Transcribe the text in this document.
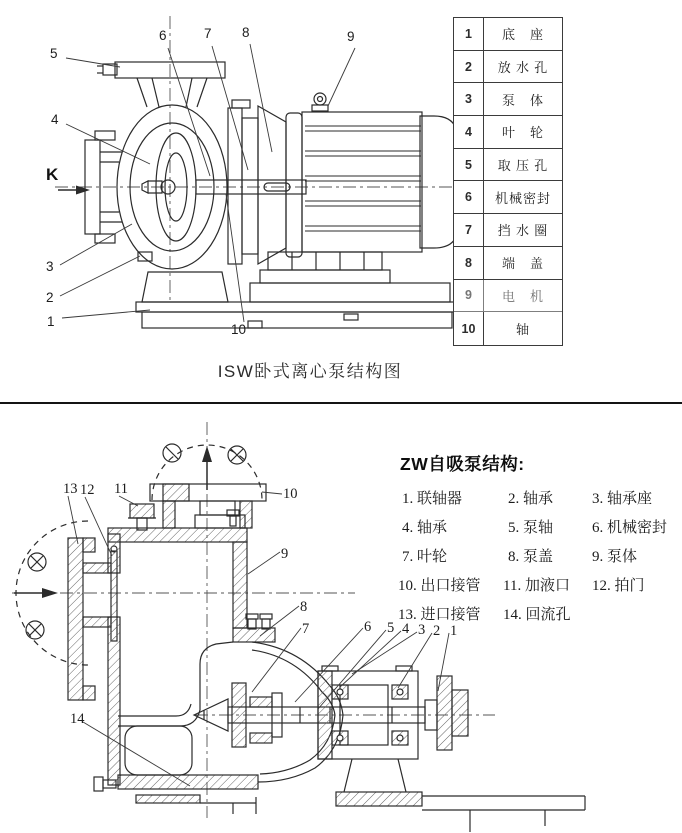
5
4
3
2
1
6	7 8	9
10
K
1	底　座
2	放 水 孔
3	泵　体
4	叶　轮
5	取 压 孔
6	机械密封
7	挡 水 圈
8	端　盖
9	电　机
10	轴
ISW卧式离心泵结构图
13 12 11	10
9
8
7	6 5 4 3 2 1
14
ZW自吸泵结构:
1. 联轴器	2. 轴承	3. 轴承座
4. 轴承	5. 泵轴	6. 机械密封
7. 叶轮	8. 泵盖	9. 泵体
10. 出口接管 11. 加液口 12. 拍门
13. 进口接管 14. 回流孔
